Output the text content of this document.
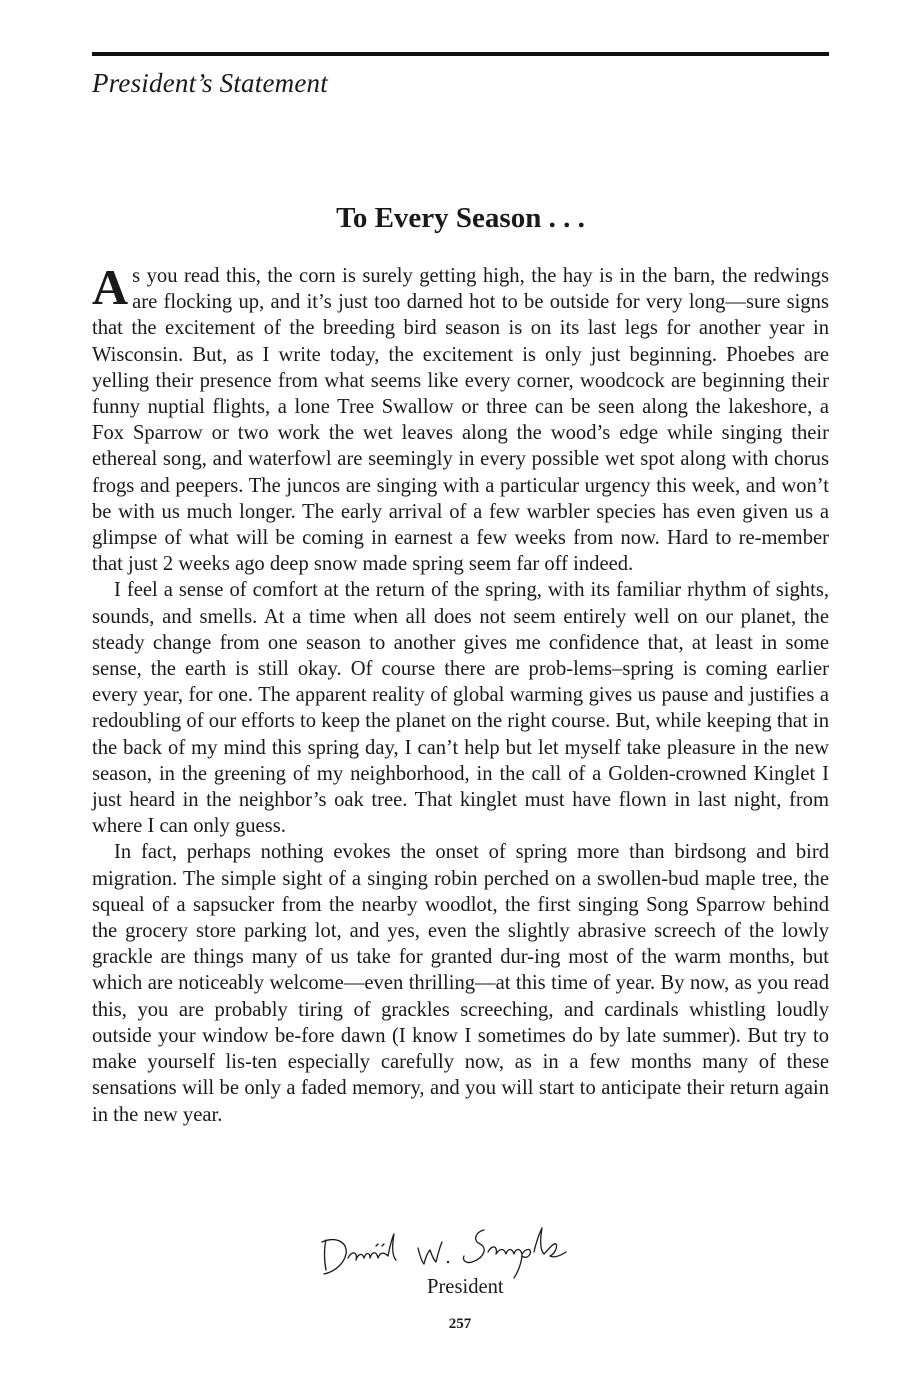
President’s Statement
To Every Season . . .

As you read this, the corn is surely getting high, the hay is in the barn, the redwings are flocking up, and it’s just too darned hot to be outside for very long—sure signs that the excitement of the breeding bird season is on its last legs for another year in Wisconsin. But, as I write today, the excitement is only just beginning. Phoebes are yelling their presence from what seems like every corner, woodcock are beginning their funny nuptial flights, a lone Tree Swallow or three can be seen along the lakeshore, a Fox Sparrow or two work the wet leaves along the wood’s edge while singing their ethereal song, and waterfowl are seemingly in every possible wet spot along with chorus frogs and peepers. The juncos are singing with a particular urgency this week, and won’t be with us much longer. The early arrival of a few warbler species has even given us a glimpse of what will be coming in earnest a few weeks from now. Hard to re-member that just 2 weeks ago deep snow made spring seem far off indeed.

I feel a sense of comfort at the return of the spring, with its familiar rhythm of sights, sounds, and smells. At a time when all does not seem entirely well on our planet, the steady change from one season to another gives me confidence that, at least in some sense, the earth is still okay. Of course there are prob-lems–spring is coming earlier every year, for one. The apparent reality of global warming gives us pause and justifies a redoubling of our efforts to keep the planet on the right course. But, while keeping that in the back of my mind this spring day, I can’t help but let myself take pleasure in the new season, in the greening of my neighborhood, in the call of a Golden-crowned Kinglet I just heard in the neighbor’s oak tree. That kinglet must have flown in last night, from where I can only guess.

In fact, perhaps nothing evokes the onset of spring more than birdsong and bird migration. The simple sight of a singing robin perched on a swollen-bud maple tree, the squeal of a sapsucker from the nearby woodlot, the first singing Song Sparrow behind the grocery store parking lot, and yes, even the slightly abrasive screech of the lowly grackle are things many of us take for granted dur-ing most of the warm months, but which are noticeably welcome—even thrilling—at this time of year. By now, as you read this, you are probably tiring of grackles screeching, and cardinals whistling loudly outside your window be-fore dawn (I know I sometimes do by late summer). But try to make yourself lis-ten especially carefully now, as in a few months many of these sensations will be only a faded memory, and you will start to anticipate their return again in the new year.

President
257
